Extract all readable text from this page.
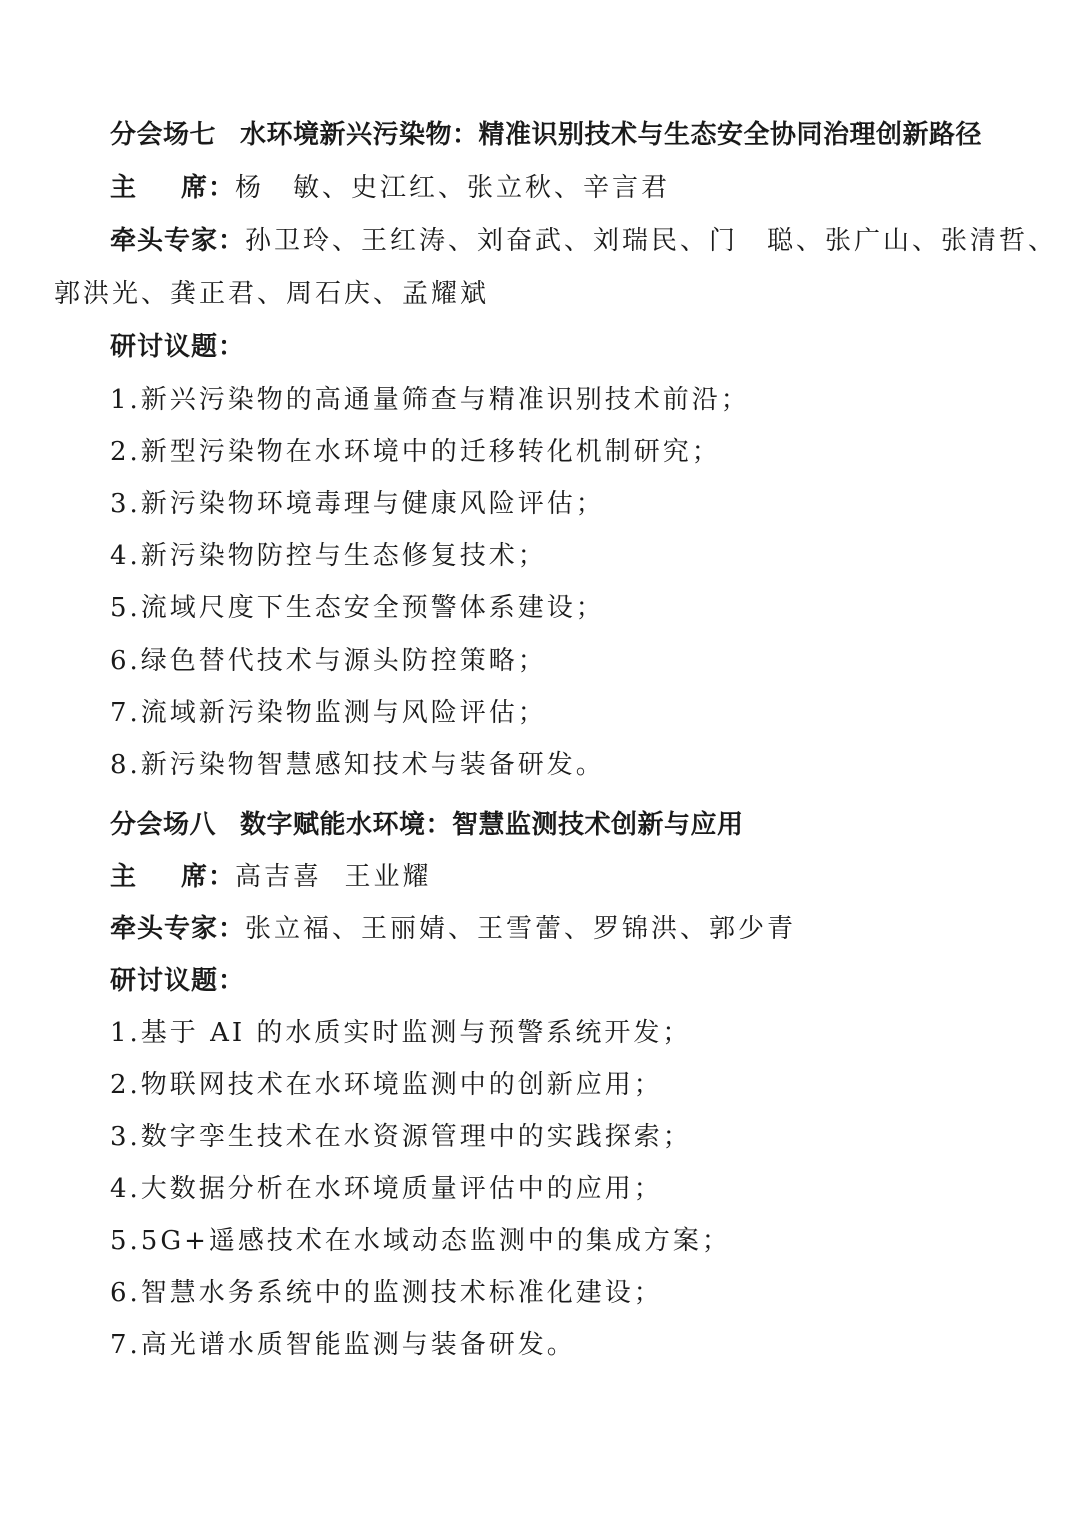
分会场七 水环境新兴污染物：精准识别技术与生态安全协同治理创新路径
主 席：杨　敏、史江红、张立秋、辛言君
牵头专家：孙卫玲、王红涛、刘奋武、刘瑞民、门　聪、张广山、张清哲、
郭洪光、龚正君、周石庆、孟耀斌
研讨议题：
1.新兴污染物的高通量筛查与精准识别技术前沿；
2.新型污染物在水环境中的迁移转化机制研究；
3.新污染物环境毒理与健康风险评估；
4.新污染物防控与生态修复技术；
5.流域尺度下生态安全预警体系建设；
6.绿色替代技术与源头防控策略；
7.流域新污染物监测与风险评估；
8.新污染物智慧感知技术与装备研发。
分会场八 数字赋能水环境：智慧监测技术创新与应用
主 席：高吉喜  王业耀
牵头专家：张立福、王丽婧、王雪蕾、罗锦洪、郭少青
研讨议题：
1.基于 AI 的水质实时监测与预警系统开发；
2.物联网技术在水环境监测中的创新应用；
3.数字孪生技术在水资源管理中的实践探索；
4.大数据分析在水环境质量评估中的应用；
5.5G+遥感技术在水域动态监测中的集成方案；
6.智慧水务系统中的监测技术标准化建设；
7.高光谱水质智能监测与装备研发。
